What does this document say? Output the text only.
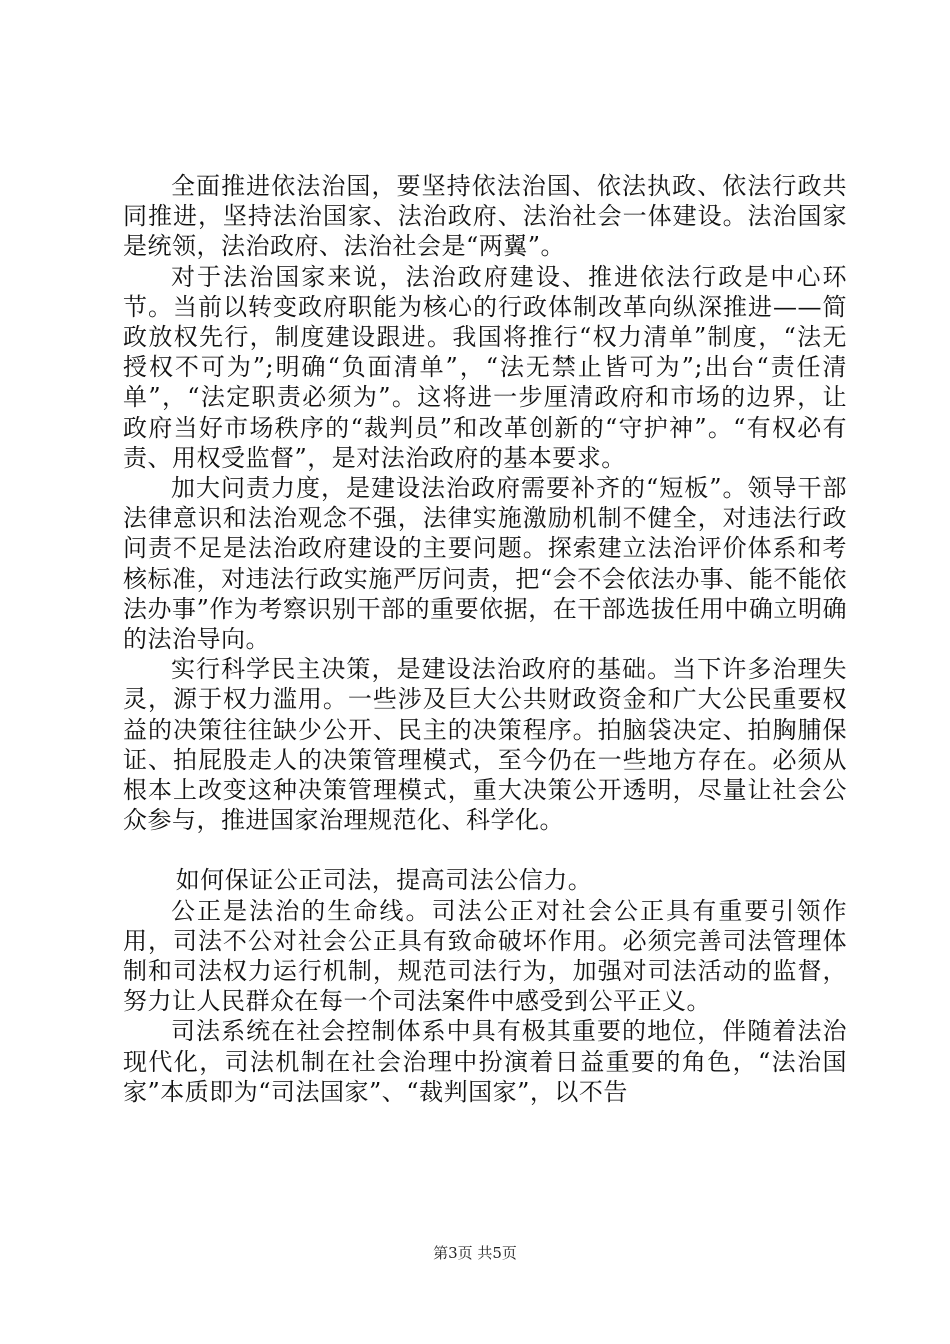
全面推进依法治国，要坚持依法治国、依法执政、依法行政共同推进，坚持法治国家、法治政府、法治社会一体建设。法治国家是统领，法治政府、法治社会是“两翼”。

对于法治国家来说，法治政府建设、推进依法行政是中心环节。当前以转变政府职能为核心的行政体制改革向纵深推进——简政放权先行，制度建设跟进。我国将推行“权力清单”制度，“法无授权不可为”;明确“负面清单”，“法无禁止皆可为”;出台“责任清单”，“法定职责必须为”。这将进一步厘清政府和市场的边界，让政府当好市场秩序的“裁判员”和改革创新的“守护神”。“有权必有责、用权受监督”，是对法治政府的基本要求。

加大问责力度，是建设法治政府需要补齐的“短板”。领导干部法律意识和法治观念不强，法律实施激励机制不健全，对违法行政问责不足是法治政府建设的主要问题。探索建立法治评价体系和考核标准，对违法行政实施严厉问责，把“会不会依法办事、能不能依法办事”作为考察识别干部的重要依据，在干部选拔任用中确立明确的法治导向。

实行科学民主决策，是建设法治政府的基础。当下许多治理失灵，源于权力滥用。一些涉及巨大公共财政资金和广大公民重要权益的决策往往缺少公开、民主的决策程序。拍脑袋决定、拍胸脯保证、拍屁股走人的决策管理模式，至今仍在一些地方存在。必须从根本上改变这种决策管理模式，重大决策公开透明，尽量让社会公众参与，推进国家治理规范化、科学化。

如何保证公正司法，提高司法公信力。

公正是法治的生命线。司法公正对社会公正具有重要引领作用，司法不公对社会公正具有致命破坏作用。必须完善司法管理体制和司法权力运行机制，规范司法行为，加强对司法活动的监督，努力让人民群众在每一个司法案件中感受到公平正义。

司法系统在社会控制体系中具有极其重要的地位，伴随着法治现代化，司法机制在社会治理中扮演着日益重要的角色，“法治国家”本质即为“司法国家”、“裁判国家”，以不告

第3页 共5页
